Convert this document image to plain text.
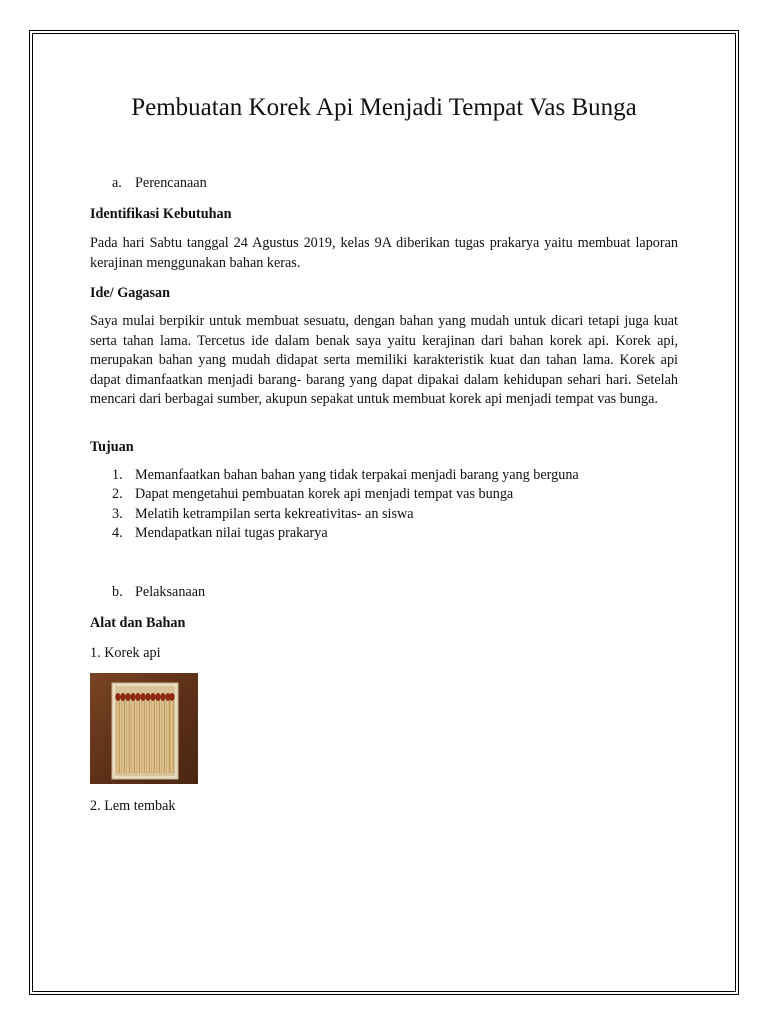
Pembuatan Korek Api Menjadi Tempat Vas Bunga
a. Perencanaan

Identifikasi Kebutuhan

Pada hari Sabtu tanggal 24 Agustus 2019, kelas 9A diberikan tugas prakarya yaitu membuat laporan kerajinan menggunakan bahan keras.

Ide/ Gagasan

Saya mulai berpikir untuk membuat sesuatu, dengan bahan yang mudah untuk dicari tetapi juga kuat serta tahan lama. Tercetus ide dalam benak saya yaitu kerajinan dari bahan korek api. Korek api, merupakan bahan yang mudah didapat serta memiliki karakteristik kuat dan tahan lama. Korek api dapat dimanfaatkan menjadi barang- barang yang dapat dipakai dalam kehidupan sehari hari. Setelah mencari dari berbagai sumber, akupun sepakat untuk membuat korek api menjadi tempat vas bunga.

Tujuan

1. Memanfaatkan bahan bahan yang tidak terpakai menjadi barang yang berguna
2. Dapat mengetahui pembuatan korek api menjadi tempat vas bunga
3. Melatih ketrampilan serta kekreativitas- an siswa
4. Mendapatkan nilai tugas prakarya
b. Pelaksanaan

Alat dan Bahan

1. Korek api

2. Lem tembak
